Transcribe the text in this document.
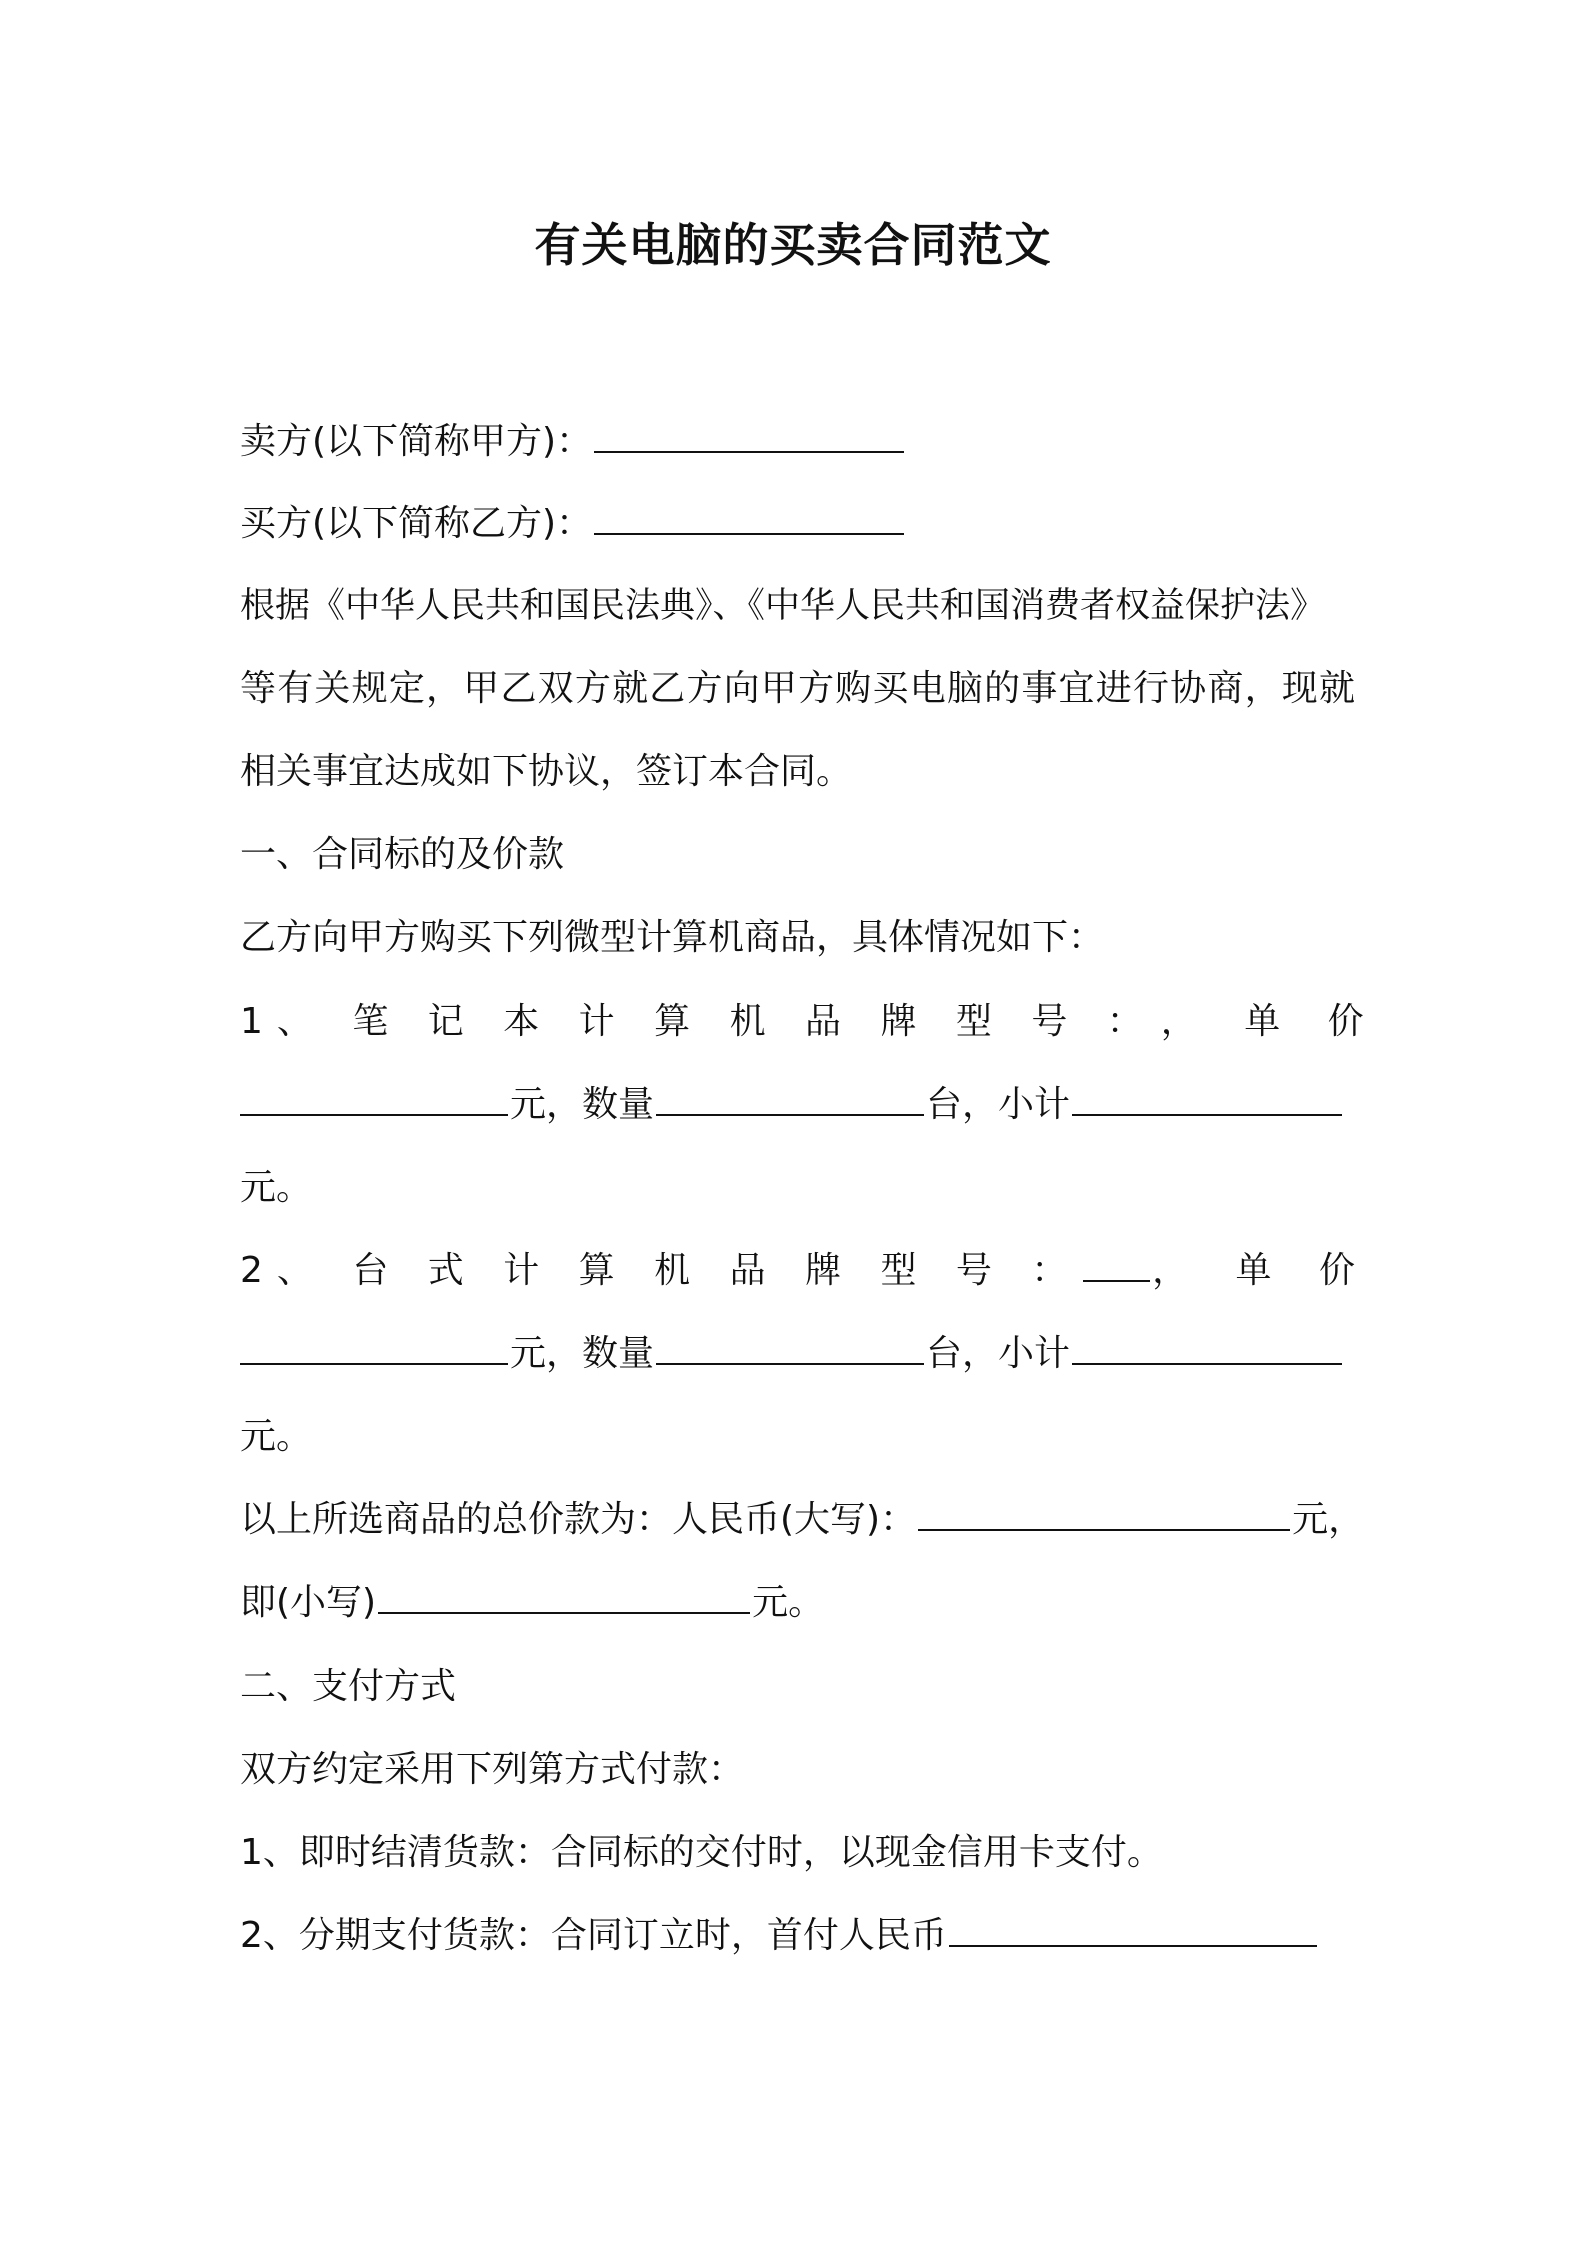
有关电脑的买卖合同范文
卖方(以下简称甲方)：
买方(以下简称乙方)：
根据《中华人民共和国民法典》、《中华人民共和国消费者权益保护法》
等有关规定，甲乙双方就乙方向甲方购买电脑的事宜进行协商，现就
相关事宜达成如下协议，签订本合同。
一、合同标的及价款
乙方向甲方购买下列微型计算机商品，具体情况如下：
1、 笔 记 本 计 算 机 品 牌 型 号 ： ， 单 价
元，数量	台，小计
元。
2、 台 式 计 算 机 品 牌 型 号 ： ， 单 价
元，数量	台，小计
元。
以上所选商品的总价款为：人民币(大写)：	元，
即(小写)	元。
二、支付方式
双方约定采用下列第方式付款：
1、即时结清货款：合同标的交付时，以现金信用卡支付。
2、分期支付货款：合同订立时，首付人民币
